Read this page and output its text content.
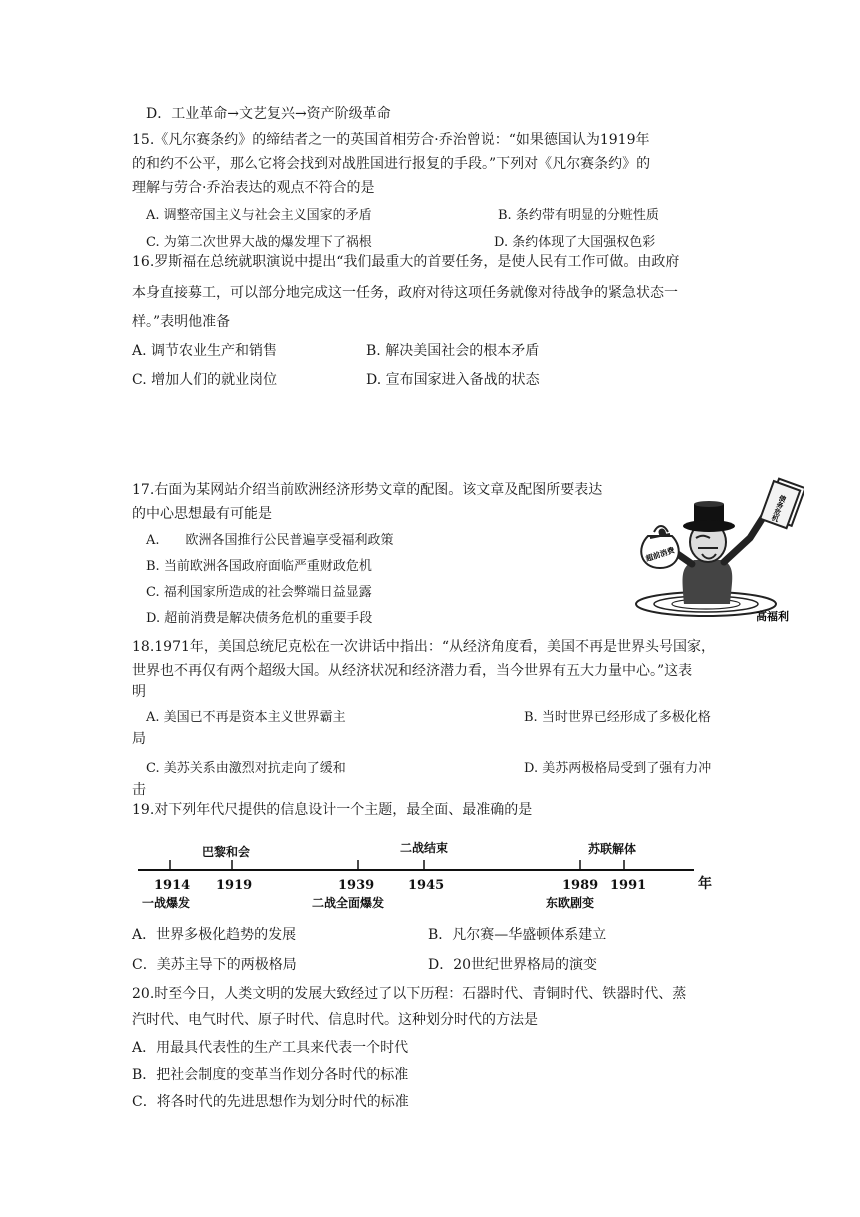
D．工业革命→文艺复兴→资产阶级革命
15.《凡尔赛条约》的缔结者之一的英国首相劳合·乔治曾说：“如果德国认为1919年
的和约不公平，那么它将会找到对战胜国进行报复的手段。”下列对《凡尔赛条约》的
理解与劳合·乔治表达的观点不符合的是
A. 调整帝国主义与社会主义国家的矛盾	B. 条约带有明显的分赃性质
C. 为第二次世界大战的爆发埋下了祸根	D. 条约体现了大国强权色彩
16.罗斯福在总统就职演说中提出“我们最重大的首要任务，是使人民有工作可做。由政府
本身直接募工，可以部分地完成这一任务，政府对待这项任务就像对待战争的紧急状态一
样。”表明他准备
A. 调节农业生产和销售	B. 解决美国社会的根本矛盾
C. 增加人们的就业岗位	D. 宣布国家进入备战的状态
17.右面为某网站介绍当前欧洲经济形势文章的配图。该文章及配图所要表达
的中心思想最有可能是
A.　　欧洲各国推行公民普遍享受福利政策
B. 当前欧洲各国政府面临严重财政危机
C. 福利国家所造成的社会弊端日益显露
D. 超前消费是解决债务危机的重要手段
超前消费
债务危机
高福利
18.1971年，美国总统尼克松在一次讲话中指出：“从经济角度看，美国不再是世界头号国家，
世界也不再仅有两个超级大国。从经济状况和经济潜力看，当今世界有五大力量中心。”这表
明
A. 美国已不再是资本主义世界霸主	B. 当时世界已经形成了多极化格
局
C. 美苏关系由激烈对抗走向了缓和	D. 美苏两极格局受到了强有力冲
击
19.对下列年代尺提供的信息设计一个主题，最全面、最准确的是
1914 1919	1939	1945	1989 1991
巴黎和会	二战结束	苏联解体
一战爆发	二战全面爆发	东欧剧变
年
A．世界多极化趋势的发展	B．凡尔赛—华盛顿体系建立
C．美苏主导下的两极格局	D．20世纪世界格局的演变
20.时至今日，人类文明的发展大致经过了以下历程：石器时代、青铜时代、铁器时代、蒸
汽时代、电气时代、原子时代、信息时代。这种划分时代的方法是
A．用最具代表性的生产工具来代表一个时代
B．把社会制度的变革当作划分各时代的标准
C．将各时代的先进思想作为划分时代的标准
